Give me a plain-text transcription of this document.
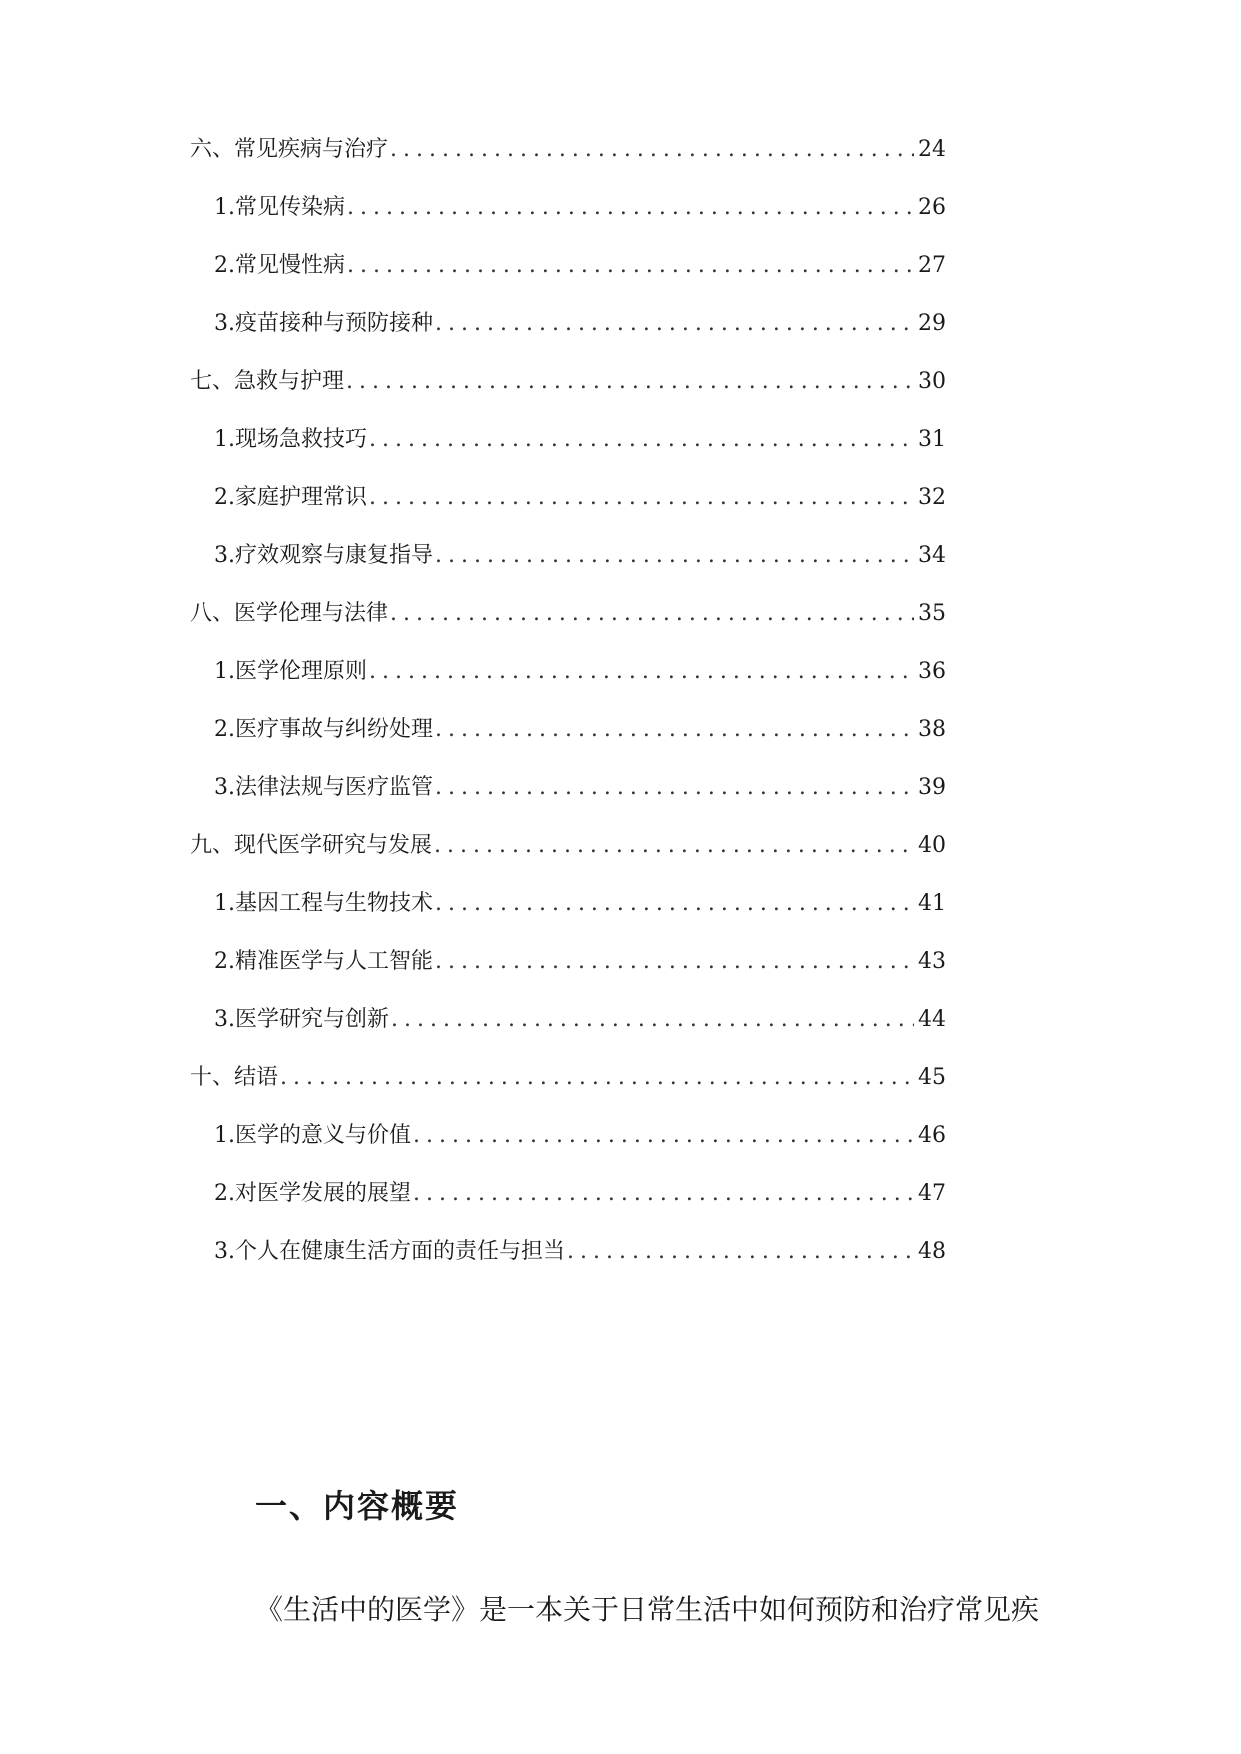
六、常见疾病与治疗 .....	24
1. 常见传染病 .....	26
2. 常见慢性病 .....	27
3. 疫苗接种与预防接种 .....	29
七、急救与护理 .....	30
1. 现场急救技巧 .....	31
2. 家庭护理常识 .....	32
3. 疗效观察与康复指导 .....	34
八、医学伦理与法律 .....	35
1. 医学伦理原则 .....	36
2. 医疗事故与纠纷处理 .....	38
3. 法律法规与医疗监管 .....	39
九、现代医学研究与发展 .....	40
1. 基因工程与生物技术 .....	41
2. 精准医学与人工智能 .....	43
3. 医学研究与创新 .....	44
十、结语 .....	45
1. 医学的意义与价值 .....	46
2. 对医学发展的展望 .....	47
3. 个人在健康生活方面的责任与担当 .....	48
一、内容概要
《生活中的医学》是一本关于日常生活中如何预防和治疗常见疾
